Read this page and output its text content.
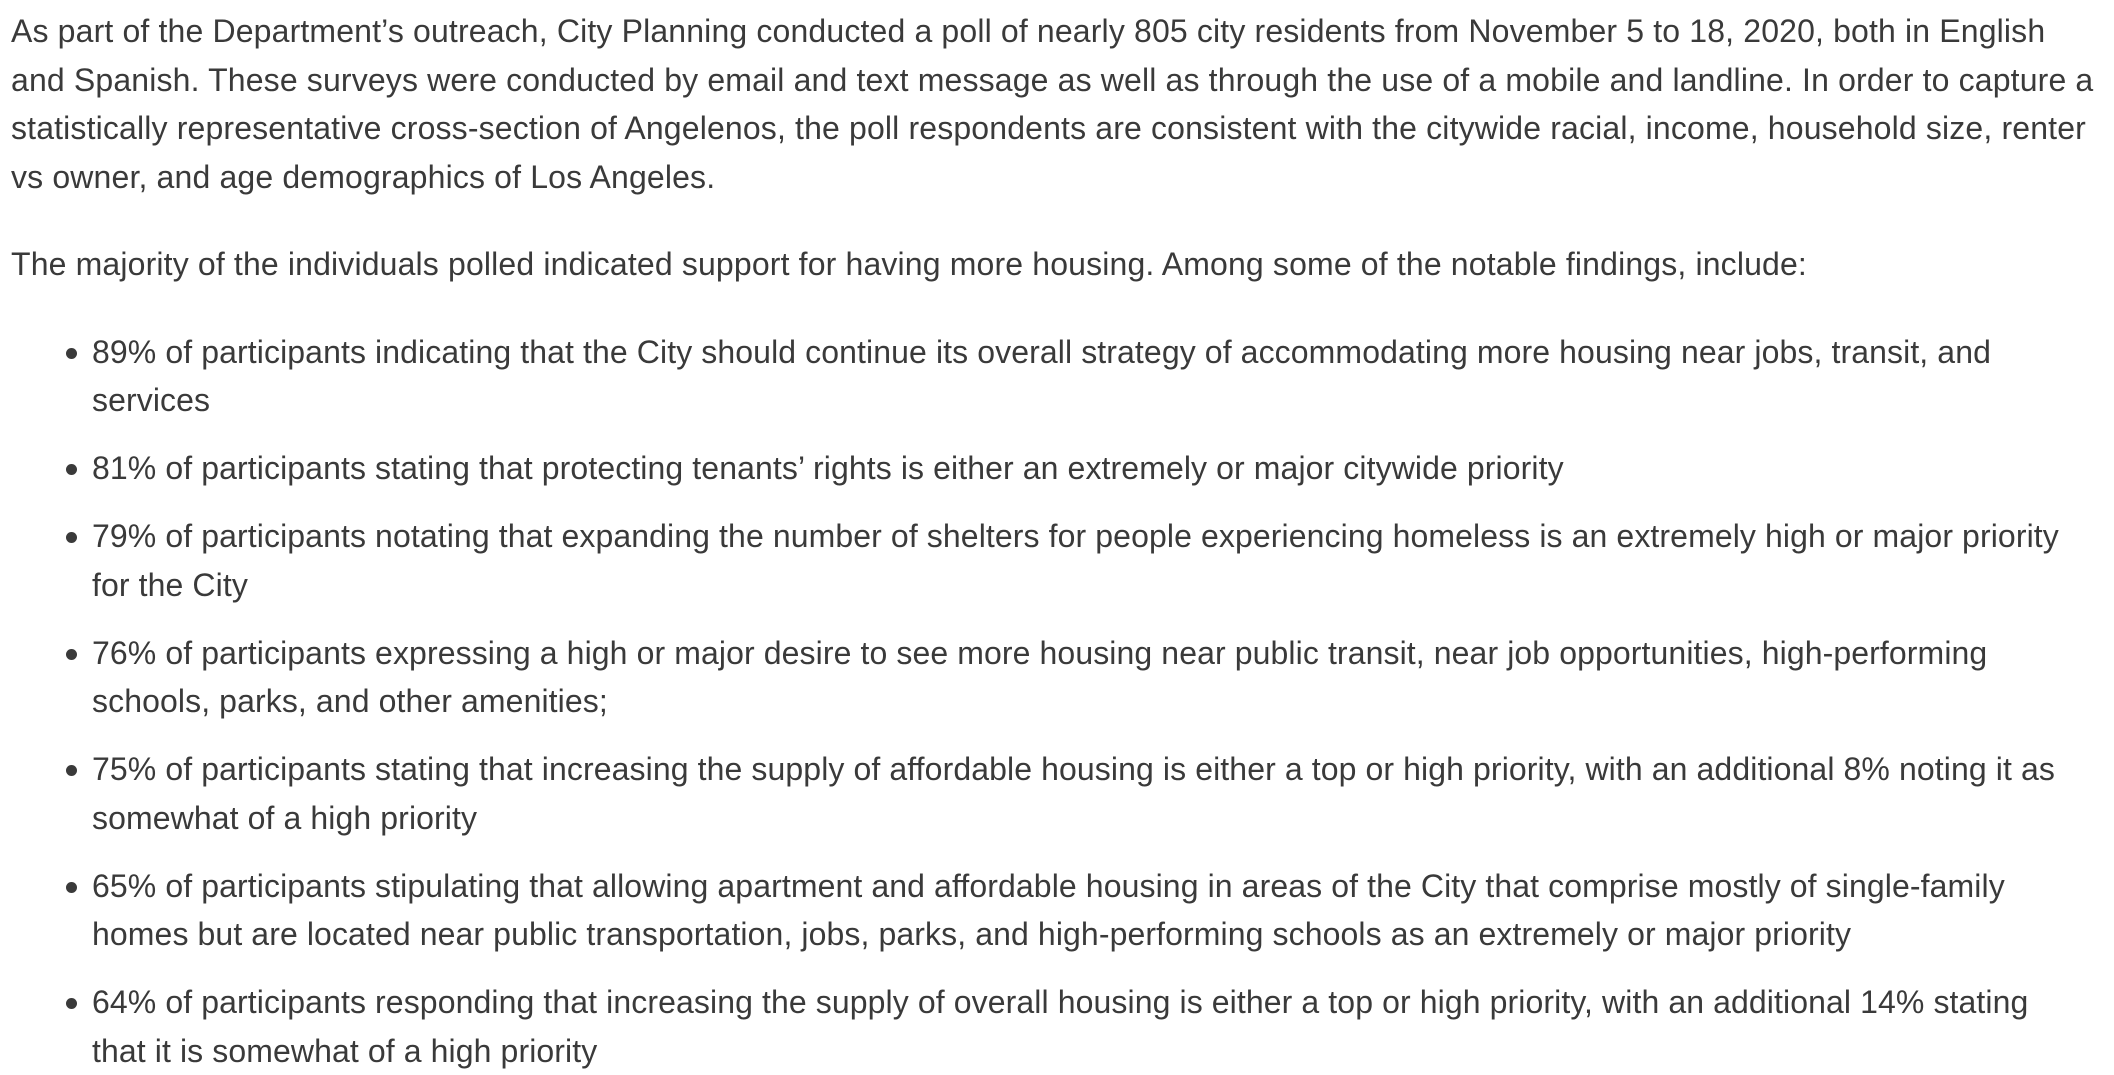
As part of the Department’s outreach, City Planning conducted a poll of nearly 805 city residents from November 5 to 18, 2020, both in English and Spanish. These surveys were conducted by email and text message as well as through the use of a mobile and landline. In order to capture a statistically representative cross-section of Angelenos, the poll respondents are consistent with the citywide racial, income, household size, renter vs owner, and age demographics of Los Angeles.

The majority of the individuals polled indicated support for having more housing. Among some of the notable findings, include:

89% of participants indicating that the City should continue its overall strategy of accommodating more housing near jobs, transit, and services
81% of participants stating that protecting tenants’ rights is either an extremely or major citywide priority
79% of participants notating that expanding the number of shelters for people experiencing homeless is an extremely high or major priority for the City
76% of participants expressing a high or major desire to see more housing near public transit, near job opportunities, high-performing schools, parks, and other amenities;
75% of participants stating that increasing the supply of affordable housing is either a top or high priority, with an additional 8% noting it as somewhat of a high priority
65% of participants stipulating that allowing apartment and affordable housing in areas of the City that comprise mostly of single-family homes but are located near public transportation, jobs, parks, and high-performing schools as an extremely or major priority
64% of participants responding that increasing the supply of overall housing is either a top or high priority, with an additional 14% stating that it is somewhat of a high priority
